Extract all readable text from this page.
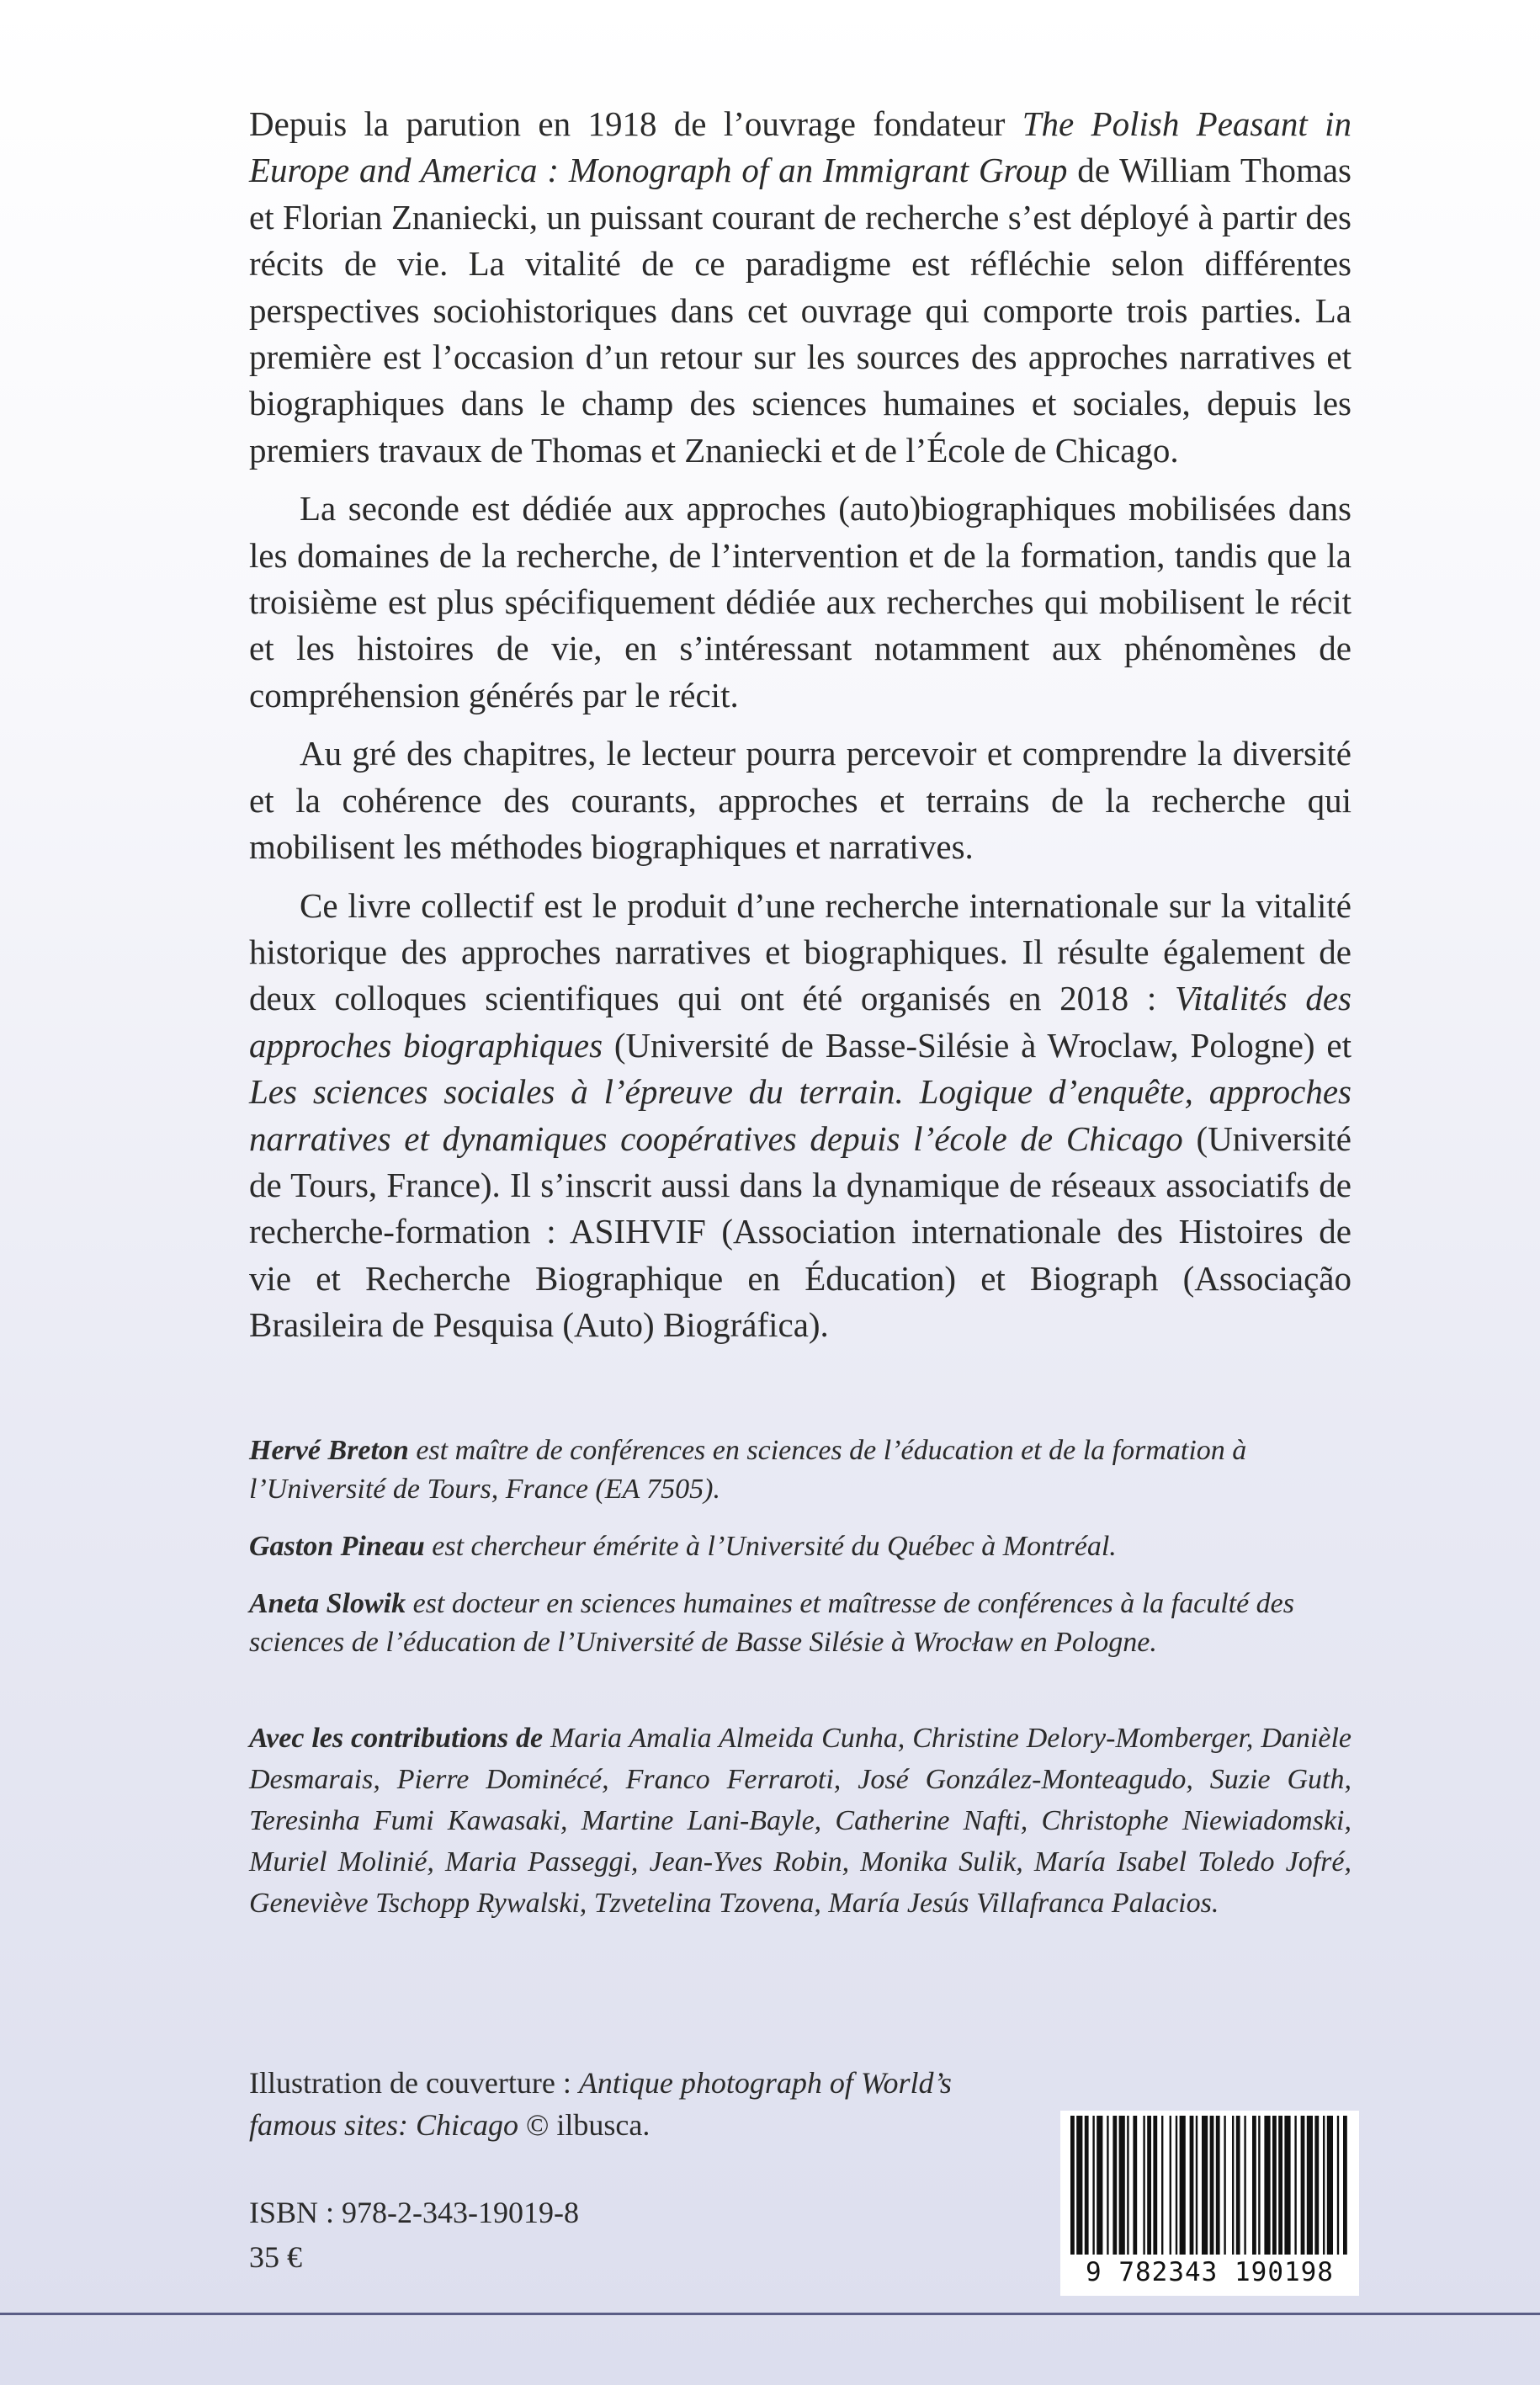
Depuis la parution en 1918 de l’ouvrage fondateur The Polish Peasant in Europe and America : Monograph of an Immigrant Group de William Thomas et Florian Znaniecki, un puissant courant de recherche s’est déployé à partir des récits de vie. La vitalité de ce paradigme est réfléchie selon différentes perspectives sociohistoriques dans cet ouvrage qui comporte trois parties. La première est l’occasion d’un retour sur les sources des approches narratives et biographiques dans le champ des sciences humaines et sociales, depuis les premiers travaux de Thomas et Znaniecki et de l’École de Chicago.

La seconde est dédiée aux approches (auto)biographiques mobilisées dans les domaines de la recherche, de l’intervention et de la formation, tandis que la troisième est plus spécifiquement dédiée aux recherches qui mobilisent le récit et les histoires de vie, en s’intéressant notamment aux phénomènes de compréhension générés par le récit.

Au gré des chapitres, le lecteur pourra percevoir et comprendre la diversité et la cohérence des courants, approches et terrains de la recherche qui mobilisent les méthodes biographiques et narratives.

Ce livre collectif est le produit d’une recherche internationale sur la vitalité historique des approches narratives et biographiques. Il résulte également de deux colloques scientifiques qui ont été organisés en 2018 : Vitalités des approches biographiques (Université de Basse-Silésie à Wroclaw, Pologne) et Les sciences sociales à l’épreuve du terrain. Logique d’enquête, approches narratives et dynamiques coopératives depuis l’école de Chicago (Université de Tours, France). Il s’inscrit aussi dans la dynamique de réseaux associatifs de recherche-formation : ASIHVIF (Association internationale des Histoires de vie et Recherche Biographique en Éducation) et Biograph (Associação Brasileira de Pesquisa (Auto) Biográfica).

Hervé Breton est maître de conférences en sciences de l’éducation et de la formation à l’Université de Tours, France (EA 7505).

Gaston Pineau est chercheur émérite à l’Université du Québec à Montréal.

Aneta Slowik est docteur en sciences humaines et maîtresse de conférences à la faculté des sciences de l’éducation de l’Université de Basse Silésie à Wrocław en Pologne.

Avec les contributions de Maria Amalia Almeida Cunha, Christine Delory-Momberger, Danièle Desmarais, Pierre Dominécé, Franco Ferraroti, José González-Monteagudo, Suzie Guth, Teresinha Fumi Kawasaki, Martine Lani-Bayle, Catherine Nafti, Christophe Niewiadomski, Muriel Molinié, Maria Passeggi, Jean-Yves Robin, Monika Sulik, María Isabel Toledo Jofré, Geneviève Tschopp Rywalski, Tzvetelina Tzovena, María Jesús Villafranca Palacios.

Illustration de couverture : Antique photograph of World’s famous sites: Chicago © ilbusca.

ISBN : 978-2-343-19019-8
35 €	9 782343 190198
